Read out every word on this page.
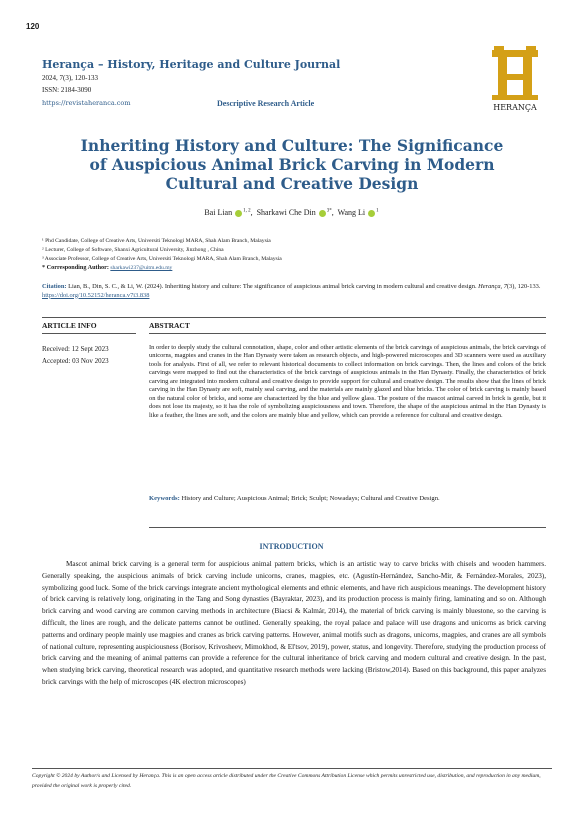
120
Herança – History, Heritage and Culture Journal
2024, 7(3), 120-133
ISSN: 2184-3090
https://revistaheranca.com	Descriptive Research Article	HERANÇA
Inheriting History and Culture: The Significance of Auspicious Animal Brick Carving in Modern Cultural and Creative Design
Bai Lian $^{1, 2}$,  Sharkawi Che Din $^{3*}$,  Wang Li $^1$
¹ Phd Candidate, College of Creative Arts, Universiti Teknologi MARA, Shah Alam Branch, Malaysia
² Lecturer, College of Software, Shanxi Agricultural University, Jinzhong , China
³ Associate Professor, College of Creative Arts, Universiti Teknologi MARA, Shah Alam Branch, Malaysia
* Corresponding Author: sharkawi237@uitm.edu.my
Citation: Lian, B., Din, S. C., & Li, W. (2024). Inheriting history and culture: The significance of auspicious animal brick carving in modern cultural and creative design. Herança, 7(3), 120-133. https://doi.org/10.52152/heranca.v7i3.838
ARTICLE INFO	ABSTRACT
Received: 12 Sept 2023
Accepted: 03 Nov 2023
In order to deeply study the cultural connotation, shape, color and other artistic elements of the brick carvings of auspicious animals, the brick carvings of unicorns, magpies and cranes in the Han Dynasty were taken as research objects, and high-powered microscopes and 3D scanners were used as auxiliary tools for analysis. First of all, we refer to relevant historical documents to collect information on brick carvings. Then, the lines and colors of the brick carvings were mapped to find out the characteristics of the brick carvings of auspicious animals in the Han Dynasty. Finally, the characteristics of brick carving are integrated into modern cultural and creative design to provide support for cultural and creative design. The results show that the lines of brick carving in the Han Dynasty are soft, mainly seal carving, and the materials are mainly glazed and blue bricks. The color of brick carving is mainly based on the natural color of bricks, and some are characterized by the blue and yellow glass. The posture of the mascot animal carved in brick is gentle, but it does not lose its majesty, so it has the role of symbolizing auspiciousness and town. Therefore, the shape of the auspicious animal in the Han Dynasty is like a feather, the lines are soft, and the colors are mainly blue and yellow, which can provide a reference for cultural and creative design.
Keywords: History and Culture; Auspicious Animal; Brick; Sculpt; Nowadays; Cultural and Creative Design.
INTRODUCTION
Mascot animal brick carving is a general term for auspicious animal pattern bricks, which is an artistic way to carve bricks with chisels and wooden hammers. Generally speaking, the auspicious animals of brick carving include unicorns, cranes, magpies, etc. (Agustín-Hernández, Sancho-Mir, & Fernández-Morales, 2023), symbolizing good luck. Some of the brick carvings integrate ancient mythological elements and ethnic elements, and have rich auspicious meanings. The development history of brick carving is relatively long, originating in the Tang and Song dynasties (Bayraktar, 2023), and its production process is mainly firing, laminating and so on. Although brick carving and wood carving are common carving methods in architecture (Biacsi & Kalmár, 2014), the material of brick carving is mainly bluestone, so the carving is difficult, the lines are rough, and the delicate patterns cannot be outlined. Generally speaking, the royal palace and palace will use dragons and unicorns as brick carving patterns and ordinary people mainly use magpies and cranes as brick carving patterns. However, animal motifs such as dragons, unicorns, magpies, and cranes are all symbols of national culture, representing auspiciousness (Borisov, Krivosheev, Mimokhod, & El'tsov, 2019), power, status, and longevity. Therefore, studying the production process of brick carving and the meaning of animal patterns can provide a reference for the cultural inheritance of brick carving and modern cultural and creative design. In the past, when studying brick carving, theoretical research was adopted, and quantitative research methods were lacking (Bristow,2014). Based on this background, this paper analyzes brick carvings with the help of microscopes (4K electron microscopes)
Copyright © 2024 by Author/s and Licensed by Herança. This is an open access article distributed under the Creative Commons Attribution License which permits unrestricted use, distribution, and reproduction in any medium, provided the original work is properly cited.
